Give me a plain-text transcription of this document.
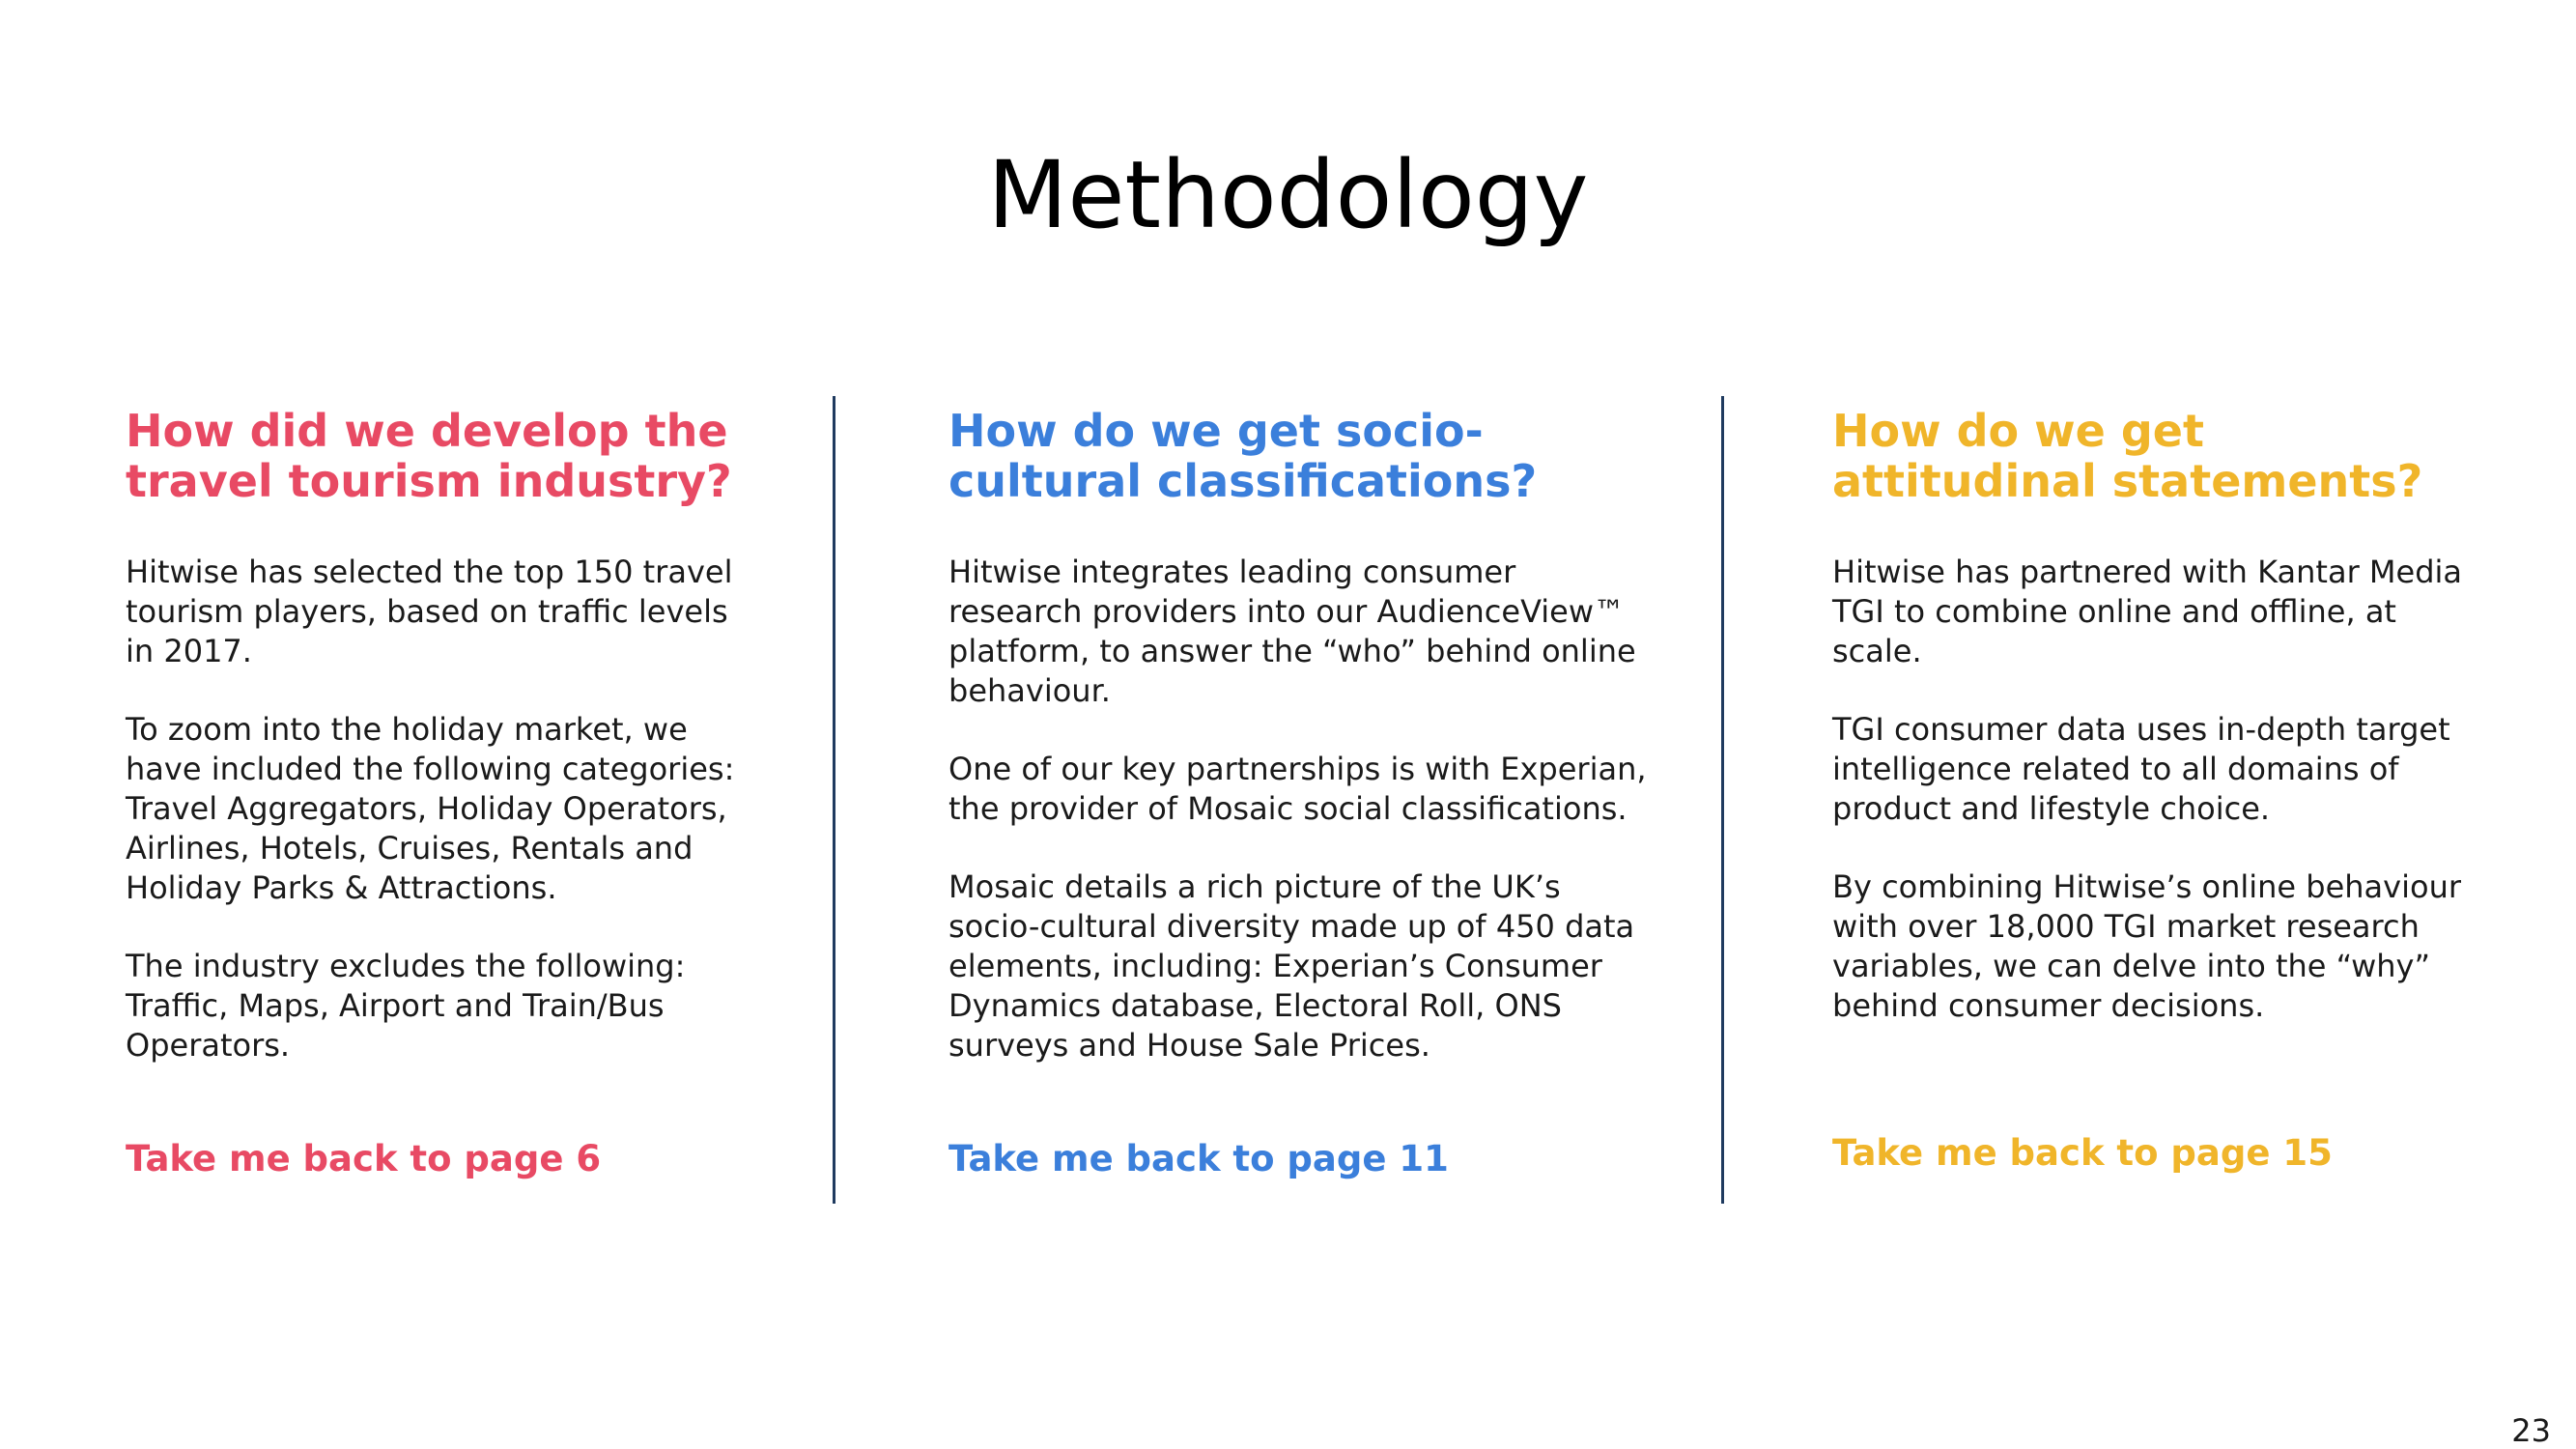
Methodology
How did we develop the
travel tourism industry?

Hitwise has selected the top 150 travel tourism players, based on traffic levels in 2017.

To zoom into the holiday market, we have included the following categories: Travel Aggregators, Holiday Operators, Airlines, Hotels, Cruises, Rentals and Holiday Parks & Attractions.

The industry excludes the following: Traffic, Maps, Airport and Train/Bus Operators.

Take me back to page 6
How do we get socio-
cultural classifications?

Hitwise integrates leading consumer research providers into our AudienceView™ platform, to answer the “who” behind online behaviour.

One of our key partnerships is with Experian, the provider of Mosaic social classifications.

Mosaic details a rich picture of the UK’s socio-cultural diversity made up of 450 data elements, including: Experian’s Consumer Dynamics database, Electoral Roll, ONS surveys and House Sale Prices.

Take me back to page 11
How do we get
attitudinal statements?

Hitwise has partnered with Kantar Media TGI to combine online and offline, at scale.

TGI consumer data uses in-depth target intelligence related to all domains of product and lifestyle choice.

By combining Hitwise’s online behaviour with over 18,000 TGI market research variables, we can delve into the “why” behind consumer decisions.

Take me back to page 15
23
